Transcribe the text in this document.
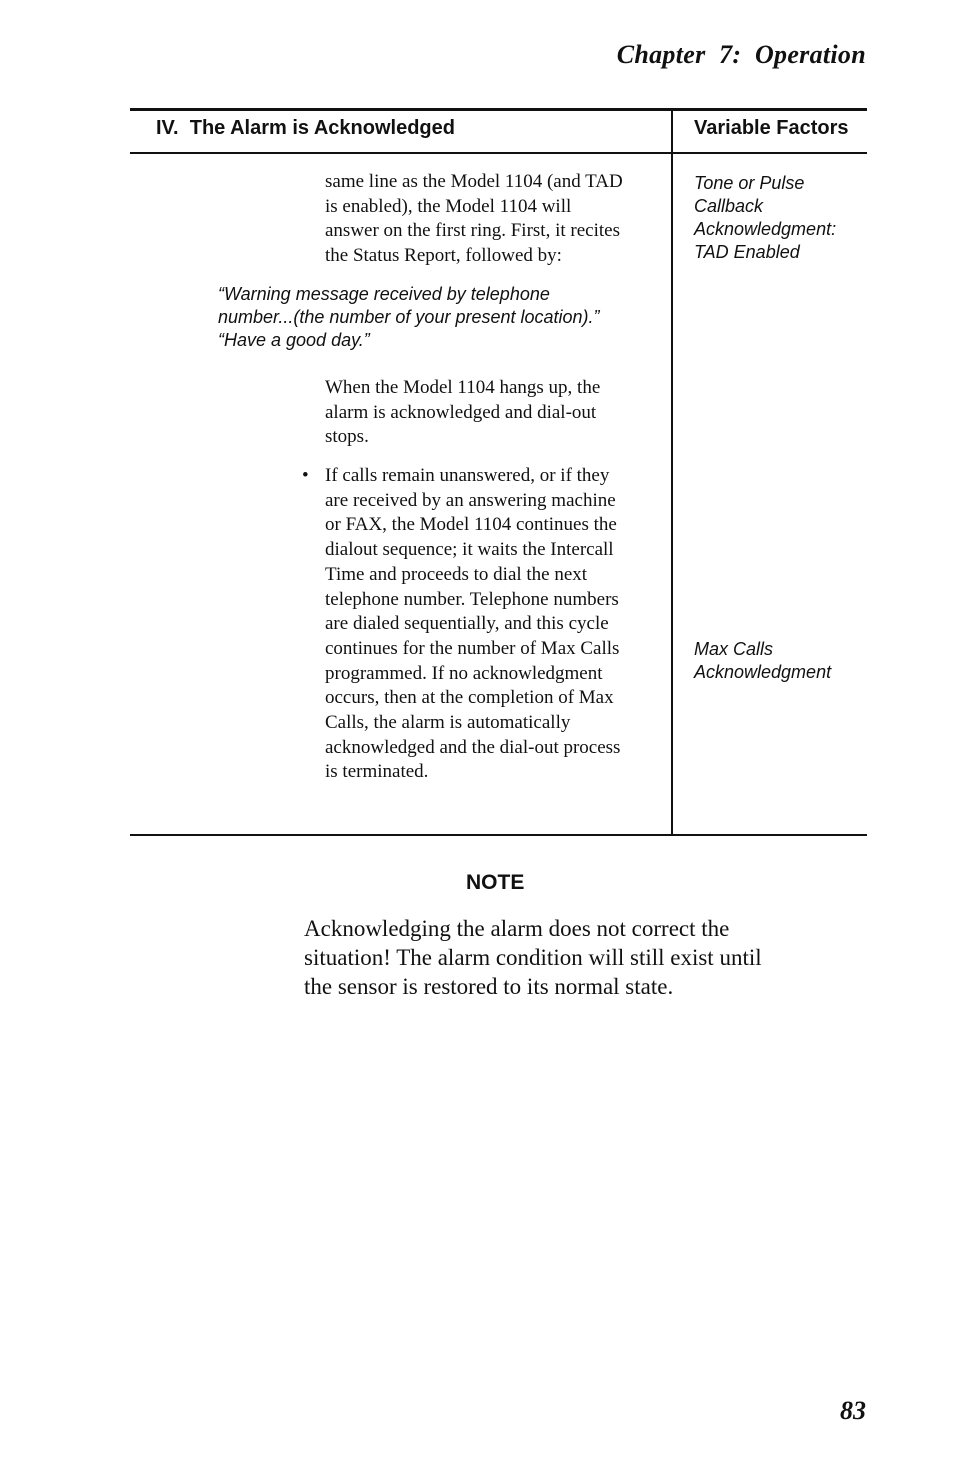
Chapter  7:  Operation
IV.  The Alarm is Acknowledged	Variable Factors
same line as the Model 1104 (and TAD
is enabled), the Model 1104 will
answer on the first ring. First, it recites
the Status Report, followed by:
“Warning message received by telephone
number...(the number of your present location).”
“Have a good day.”
When the Model 1104 hangs up, the
alarm is acknowledged and dial-out
stops.
• If calls remain unanswered, or if they
are received by an answering machine
or FAX, the Model 1104 continues the
dialout sequence; it waits the Intercall
Time and proceeds to dial the next
telephone number. Telephone numbers
are dialed sequentially, and this cycle
continues for the number of Max Calls
programmed. If no acknowledgment
occurs, then at the completion of Max
Calls, the alarm is automatically
acknowledged and the dial-out process
is terminated.
Tone or Pulse
Callback
Acknowledgment:
TAD Enabled
Max Calls
Acknowledgment
NOTE
Acknowledging the alarm does not correct the
situation! The alarm condition will still exist until
the sensor is restored to its normal state.
83
